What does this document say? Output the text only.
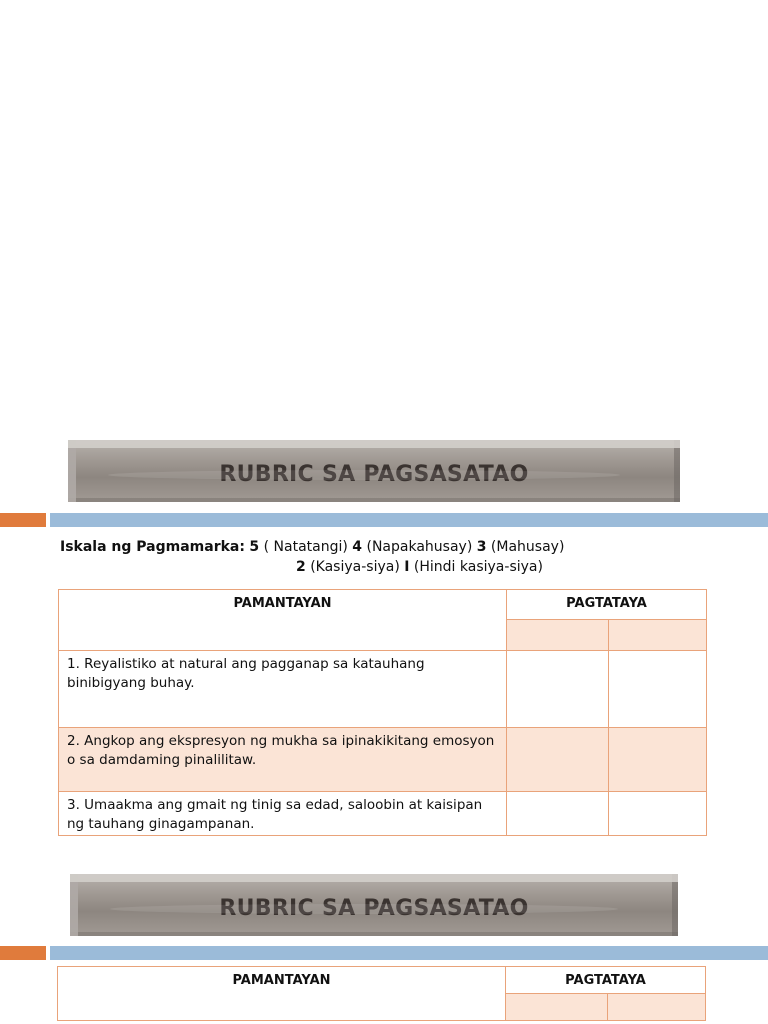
RUBRIC SA PAGSASATAO
Iskala ng Pagmamarka: 5 ( Natatangi) 4 (Napakahusay) 3 (Mahusay)
2 (Kasiya-siya) I (Hindi kasiya-siya)
PAMANTAYAN	PAGTATAYA	

1. Reyalistiko at natural ang pagganap sa katauhang binibigyang buhay.		
2. Angkop ang ekspresyon ng mukha sa ipinakikitang emosyon o sa damdaming pinalilitaw.		
3. Umaakma ang gmait ng tinig sa edad, saloobin at kaisipan ng tauhang ginagampanan.		
RUBRIC SA PAGSASATAO
PAMANTAYAN	PAGTATAYA	
